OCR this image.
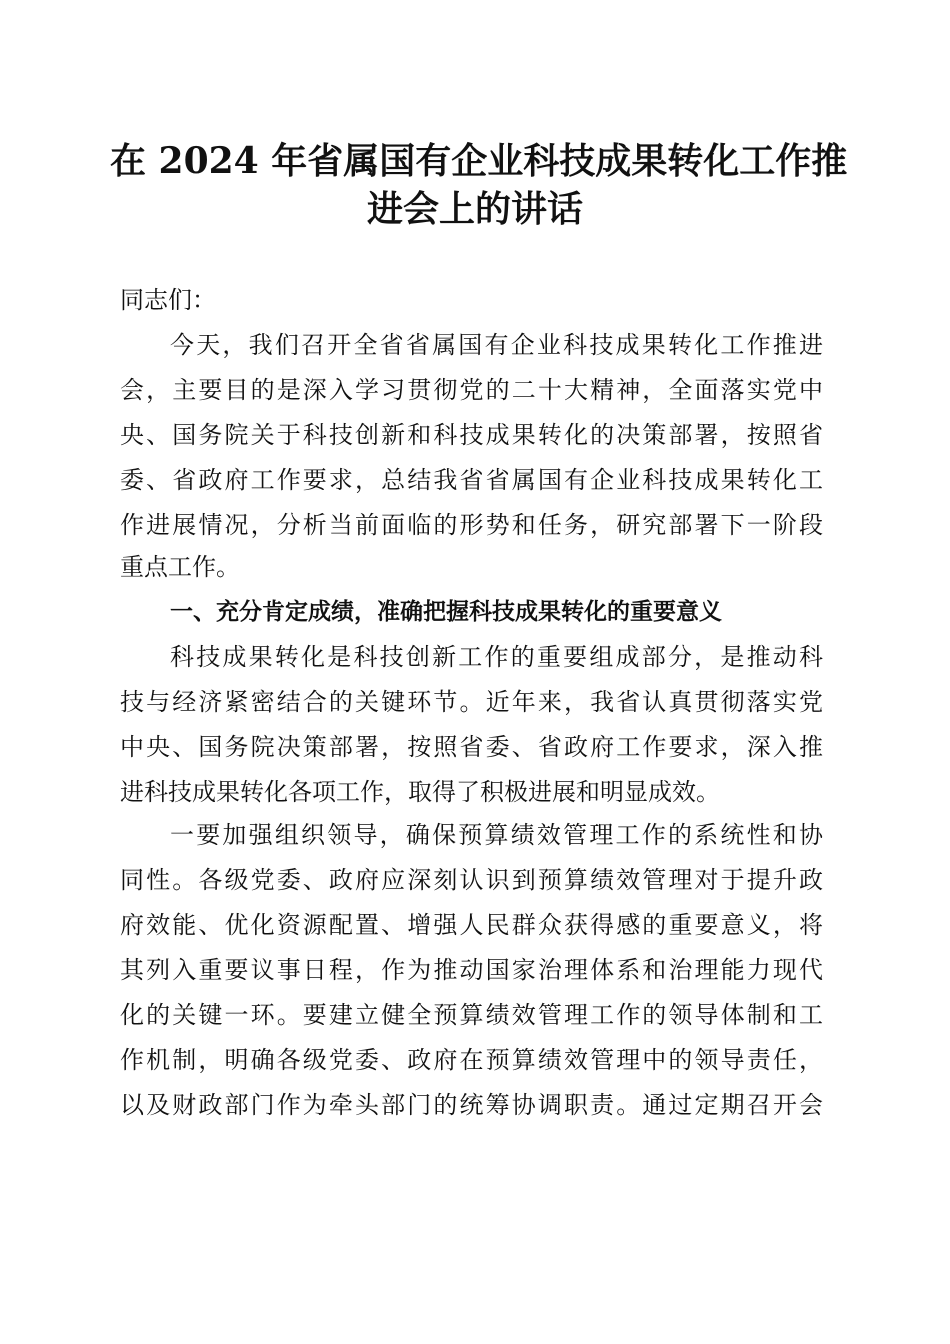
在 2024 年省属国有企业科技成果转化工作推
进会上的讲话
同志们：
今天，我们召开全省省属国有企业科技成果转化工作推进
会，主要目的是深入学习贯彻党的二十大精神，全面落实党中
央、国务院关于科技创新和科技成果转化的决策部署，按照省
委、省政府工作要求，总结我省省属国有企业科技成果转化工
作进展情况，分析当前面临的形势和任务，研究部署下一阶段
重点工作。
一、充分肯定成绩，准确把握科技成果转化的重要意义
科技成果转化是科技创新工作的重要组成部分，是推动科
技与经济紧密结合的关键环节。近年来，我省认真贯彻落实党
中央、国务院决策部署，按照省委、省政府工作要求，深入推
进科技成果转化各项工作，取得了积极进展和明显成效。
一要加强组织领导，确保预算绩效管理工作的系统性和协
同性。各级党委、政府应深刻认识到预算绩效管理对于提升政
府效能、优化资源配置、增强人民群众获得感的重要意义，将
其列入重要议事日程，作为推动国家治理体系和治理能力现代
化的关键一环。要建立健全预算绩效管理工作的领导体制和工
作机制，明确各级党委、政府在预算绩效管理中的领导责任，
以及财政部门作为牵头部门的统筹协调职责。通过定期召开会
